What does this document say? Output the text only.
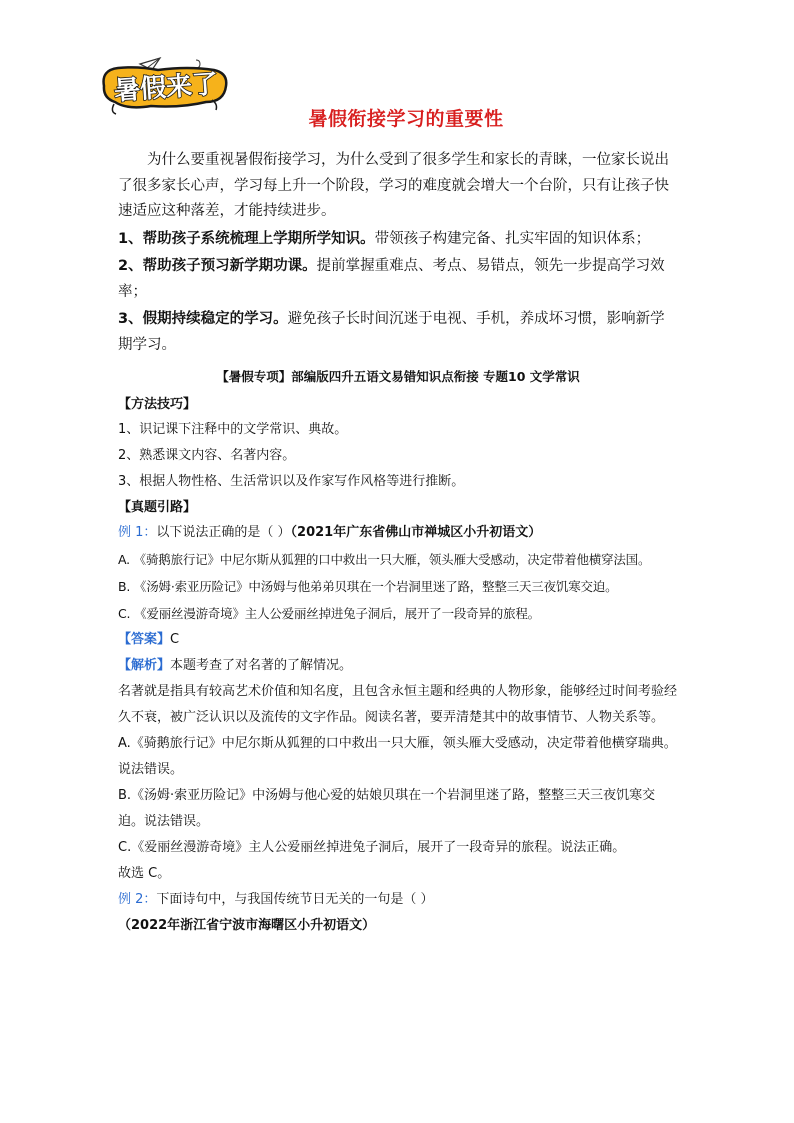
暑假来了
暑假衔接学习的重要性

为什么要重视暑假衔接学习，为什么受到了很多学生和家长的青睐，一位家长说出了很多家长心声，学习每上升一个阶段，学习的难度就会增大一个台阶，只有让孩子快速适应这种落差，才能持续进步。

1、帮助孩子系统梳理上学期所学知识。带领孩子构建完备、扎实牢固的知识体系；

2、帮助孩子预习新学期功课。提前掌握重难点、考点、易错点，领先一步提高学习效率；

3、假期持续稳定的学习。避免孩子长时间沉迷于电视、手机，养成坏习惯，影响新学期学习。

【暑假专项】部编版四升五语文易错知识点衔接 专题10 文学常识

【方法技巧】

1、识记课下注释中的文学常识、典故。

2、熟悉课文内容、名著内容。

3、根据人物性格、生活常识以及作家写作风格等进行推断。

【真题引路】

例 1：以下说法正确的是（ ）（2021年广东省佛山市禅城区小升初语文）

A. 《骑鹅旅行记》中尼尔斯从狐狸的口中救出一只大雁，领头雁大受感动，决定带着他横穿法国。

B. 《汤姆·索亚历险记》中汤姆与他弟弟贝琪在一个岩洞里迷了路，整整三天三夜饥寒交迫。

C. 《爱丽丝漫游奇境》主人公爱丽丝掉进兔子洞后，展开了一段奇异的旅程。

【答案】C

【解析】本题考查了对名著的了解情况。

名著就是指具有较高艺术价值和知名度，且包含永恒主题和经典的人物形象，能够经过时间考验经久不衰，被广泛认识以及流传的文字作品。阅读名著，要弄清楚其中的故事情节、人物关系等。

A.《骑鹅旅行记》中尼尔斯从狐狸的口中救出一只大雁，领头雁大受感动，决定带着他横穿瑞典。说法错误。

B.《汤姆·索亚历险记》中汤姆与他心爱的姑娘贝琪在一个岩洞里迷了路，整整三天三夜饥寒交迫。说法错误。

C.《爱丽丝漫游奇境》主人公爱丽丝掉进兔子洞后，展开了一段奇异的旅程。说法正确。

故选 C。

例 2：下面诗句中，与我国传统节日无关的一句是（ ）（2022年浙江省宁波市海曙区小升初语文）
